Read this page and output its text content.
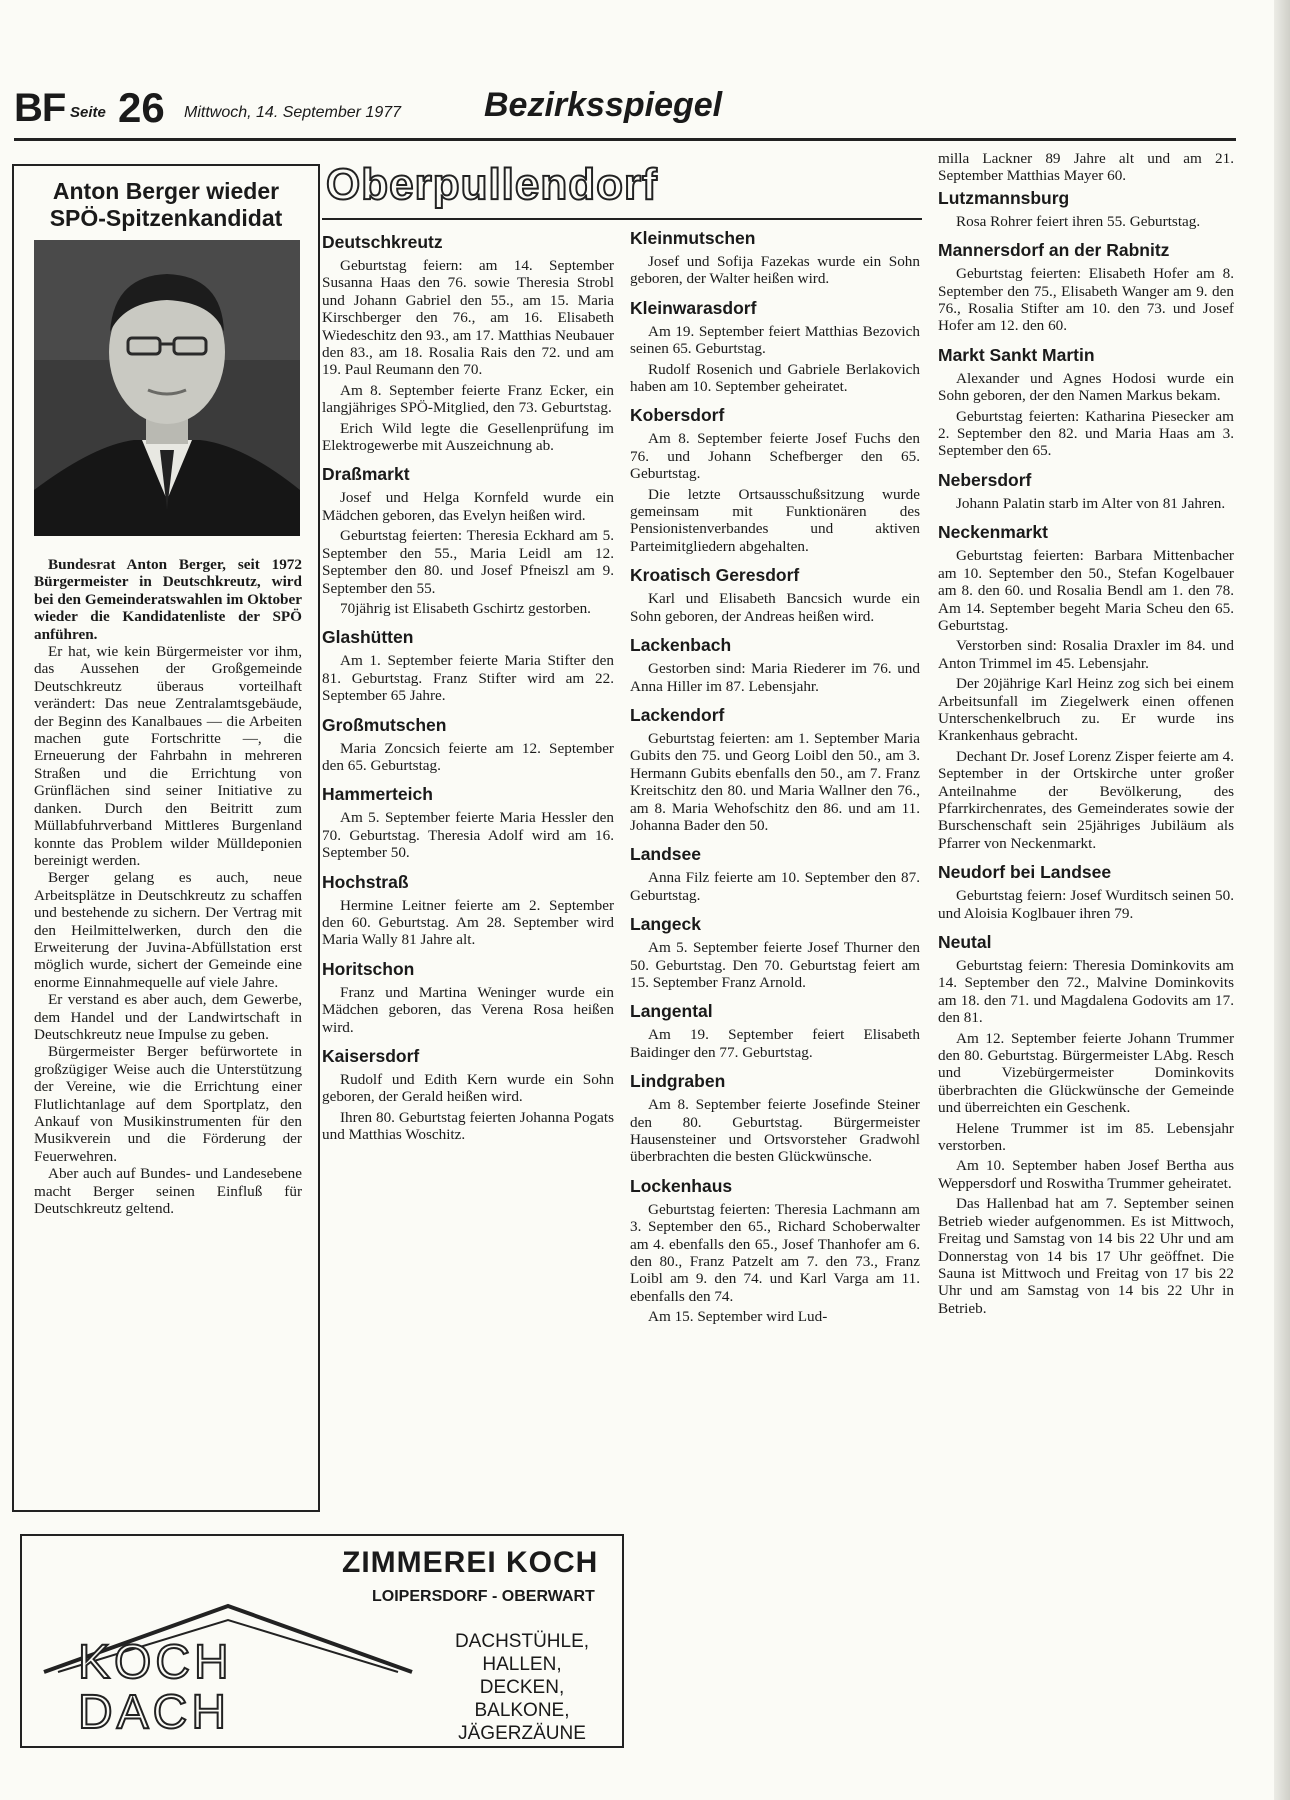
BF Seite 26 Mittwoch, 14. September 1977 Bezirksspiegel
Anton Berger wieder SPÖ-Spitzenkandidat

Bundesrat Anton Berger, seit 1972 Bürgermeister in Deutschkreutz, wird bei den Gemeinderatswahlen im Oktober wieder die Kandidatenliste der SPÖ anführen.

Er hat, wie kein Bürgermeister vor ihm, das Aussehen der Großgemeinde Deutschkreutz überaus vorteilhaft verändert: Das neue Zentralamtsgebäude, der Beginn des Kanalbaues — die Arbeiten machen gute Fortschritte —, die Erneuerung der Fahrbahn in mehreren Straßen und die Errichtung von Grünflächen sind seiner Initiative zu danken. Durch den Beitritt zum Müllabfuhrverband Mittleres Burgenland konnte das Problem wilder Mülldeponien bereinigt werden.

Berger gelang es auch, neue Arbeitsplätze in Deutschkreutz zu schaffen und bestehende zu sichern. Der Vertrag mit den Heilmittelwerken, durch den die Erweiterung der Juvina-Abfüllstation erst möglich wurde, sichert der Gemeinde eine enorme Einnahmequelle auf viele Jahre.

Er verstand es aber auch, dem Gewerbe, dem Handel und der Landwirtschaft in Deutschkreutz neue Impulse zu geben.

Bürgermeister Berger befürwortete in großzügiger Weise auch die Unterstützung der Vereine, wie die Errichtung einer Flutlichtanlage auf dem Sportplatz, den Ankauf von Musikinstrumenten für den Musikverein und die Förderung der Feuerwehren.

Aber auch auf Bundes- und Landesebene macht Berger seinen Einfluß für Deutschkreutz geltend.

Oberpullendorf
Deutschkreutz

Geburtstag feiern: am 14. September Susanna Haas den 76. sowie Theresia Strobl und Johann Gabriel den 55., am 15. Maria Kirschberger den 76., am 16. Elisabeth Wiedeschitz den 93., am 17. Matthias Neubauer den 83., am 18. Rosalia Rais den 72. und am 19. Paul Reumann den 70.

Am 8. September feierte Franz Ecker, ein langjähriges SPÖ-Mitglied, den 73. Geburtstag.

Erich Wild legte die Gesellenprüfung im Elektrogewerbe mit Auszeichnung ab.

Draßmarkt

Josef und Helga Kornfeld wurde ein Mädchen geboren, das Evelyn heißen wird.

Geburtstag feierten: Theresia Eckhard am 5. September den 55., Maria Leidl am 12. September den 80. und Josef Pfneiszl am 9. September den 55.

70jährig ist Elisabeth Gschirtz gestorben.

Glashütten

Am 1. September feierte Maria Stifter den 81. Geburtstag. Franz Stifter wird am 22. September 65 Jahre.

Großmutschen

Maria Zoncsich feierte am 12. September den 65. Geburtstag.

Hammerteich

Am 5. September feierte Maria Hessler den 70. Geburtstag. Theresia Adolf wird am 16. September 50.

Hochstraß

Hermine Leitner feierte am 2. September den 60. Geburtstag. Am 28. September wird Maria Wally 81 Jahre alt.

Horitschon

Franz und Martina Weninger wurde ein Mädchen geboren, das Verena Rosa heißen wird.

Kaisersdorf

Rudolf und Edith Kern wurde ein Sohn geboren, der Gerald heißen wird.

Ihren 80. Geburtstag feierten Johanna Pogats und Matthias Woschitz.

Kleinmutschen

Josef und Sofija Fazekas wurde ein Sohn geboren, der Walter heißen wird.

Kleinwarasdorf

Am 19. September feiert Matthias Bezovich seinen 65. Geburtstag.

Rudolf Rosenich und Gabriele Berlakovich haben am 10. September geheiratet.

Kobersdorf

Am 8. September feierte Josef Fuchs den 76. und Johann Schefberger den 65. Geburtstag.

Die letzte Ortsausschußsitzung wurde gemeinsam mit Funktionären des Pensionistenverbandes und aktiven Parteimitgliedern abgehalten.

Kroatisch Geresdorf

Karl und Elisabeth Bancsich wurde ein Sohn geboren, der Andreas heißen wird.

Lackenbach

Gestorben sind: Maria Riederer im 76. und Anna Hiller im 87. Lebensjahr.

Lackendorf

Geburtstag feierten: am 1. September Maria Gubits den 75. und Georg Loibl den 50., am 3. Hermann Gubits ebenfalls den 50., am 7. Franz Kreitschitz den 80. und Maria Wallner den 76., am 8. Maria Wehofschitz den 86. und am 11. Johanna Bader den 50.

Landsee

Anna Filz feierte am 10. September den 87. Geburtstag.

Langeck

Am 5. September feierte Josef Thurner den 50. Geburtstag. Den 70. Geburtstag feiert am 15. September Franz Arnold.

Langental

Am 19. September feiert Elisabeth Baidinger den 77. Geburtstag.

Lindgraben

Am 8. September feierte Josefinde Steiner den 80. Geburtstag. Bürgermeister Hausensteiner und Ortsvorsteher Gradwohl überbrachten die besten Glückwünsche.

Lockenhaus

Geburtstag feierten: Theresia Lachmann am 3. September den 65., Richard Schoberwalter am 4. ebenfalls den 65., Josef Thanhofer am 6. den 80., Franz Patzelt am 7. den 73., Franz Loibl am 9. den 74. und Karl Varga am 11. ebenfalls den 74.

Am 15. September wird Lud-

milla Lackner 89 Jahre alt und am 21. September Matthias Mayer 60.

Lutzmannsburg

Rosa Rohrer feiert ihren 55. Geburtstag.

Mannersdorf an der Rabnitz

Geburtstag feierten: Elisabeth Hofer am 8. September den 75., Elisabeth Wanger am 9. den 76., Rosalia Stifter am 10. den 73. und Josef Hofer am 12. den 60.

Markt Sankt Martin

Alexander und Agnes Hodosi wurde ein Sohn geboren, der den Namen Markus bekam.

Geburtstag feierten: Katharina Piesecker am 2. September den 82. und Maria Haas am 3. September den 65.

Nebersdorf

Johann Palatin starb im Alter von 81 Jahren.

Neckenmarkt

Geburtstag feierten: Barbara Mittenbacher am 10. September den 50., Stefan Kogelbauer am 8. den 60. und Rosalia Bendl am 1. den 78. Am 14. September begeht Maria Scheu den 65. Geburtstag.

Verstorben sind: Rosalia Draxler im 84. und Anton Trimmel im 45. Lebensjahr.

Der 20jährige Karl Heinz zog sich bei einem Arbeitsunfall im Ziegelwerk einen offenen Unterschenkelbruch zu. Er wurde ins Krankenhaus gebracht.

Dechant Dr. Josef Lorenz Zisper feierte am 4. September in der Ortskirche unter großer Anteilnahme der Bevölkerung, des Pfarrkirchenrates, des Gemeinderates sowie der Burschenschaft sein 25jähriges Jubiläum als Pfarrer von Neckenmarkt.

Neudorf bei Landsee

Geburtstag feiern: Josef Wurditsch seinen 50. und Aloisia Koglbauer ihren 79.

Neutal

Geburtstag feiern: Theresia Dominkovits am 14. September den 72., Malvine Dominkovits am 18. den 71. und Magdalena Godovits am 17. den 81.

Am 12. September feierte Johann Trummer den 80. Geburtstag. Bürgermeister LAbg. Resch und Vizebürgermeister Dominkovits überbrachten die Glückwünsche der Gemeinde und überreichten ein Geschenk.

Helene Trummer ist im 85. Lebensjahr verstorben.

Am 10. September haben Josef Bertha aus Weppersdorf und Roswitha Trummer geheiratet.

Das Hallenbad hat am 7. September seinen Betrieb wieder aufgenommen. Es ist Mittwoch, Freitag und Samstag von 14 bis 22 Uhr und am Donnerstag von 14 bis 17 Uhr geöffnet. Die Sauna ist Mittwoch und Freitag von 17 bis 22 Uhr und am Samstag von 14 bis 22 Uhr in Betrieb.

KOCH
DACH
ZIMMEREI KOCH
LOIPERSDORF - OBERWART
DACHSTÜHLE,
HALLEN,
DECKEN,
BALKONE,
JÄGERZÄUNE
